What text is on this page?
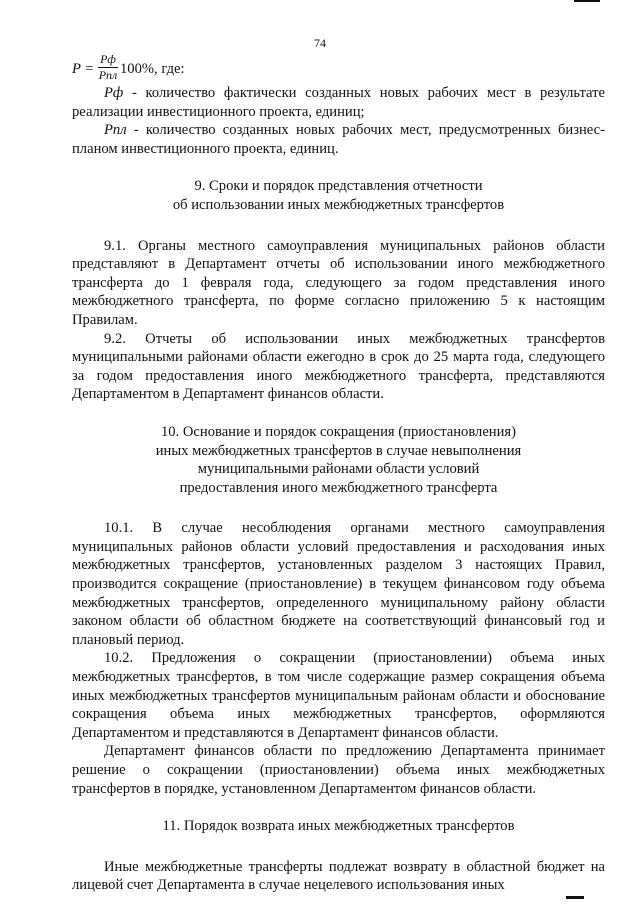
74
P =
Pф
Pпл 100%, где:

Pф - количество фактически созданных новых рабочих мест в результате реализации инвестиционного проекта, единиц;

Pпл - количество созданных новых рабочих мест, предусмотренных бизнес-планом инвестиционного проекта, единиц.

9. Сроки и порядок представления отчетности
об использовании иных межбюджетных трансфертов

9.1. Органы местного самоуправления муниципальных районов области представляют в Департамент отчеты об использовании иного межбюджетного трансферта до 1 февраля года, следующего за годом представления иного межбюджетного трансферта, по форме согласно приложению 5 к настоящим Правилам.

9.2. Отчеты об использовании иных межбюджетных трансфертов муниципальными районами области ежегодно в срок до 25 марта года, следующего за годом предоставления иного межбюджетного трансферта, представляются Департаментом в Департамент финансов области.

10. Основание и порядок сокращения (приостановления)
иных межбюджетных трансфертов в случае невыполнения
муниципальными районами области условий
предоставления иного межбюджетного трансферта

10.1. В случае несоблюдения органами местного самоуправления муниципальных районов области условий предоставления и расходования иных межбюджетных трансфертов, установленных разделом 3 настоящих Правил, производится сокращение (приостановление) в текущем финансовом году объема межбюджетных трансфертов, определенного муниципальному району области законом области об областном бюджете на соответствующий финансовый год и плановый период.

10.2. Предложения о сокращении (приостановлении) объема иных межбюджетных трансфертов, в том числе содержащие размер сокращения объема иных межбюджетных трансфертов муниципальным районам области и обоснование сокращения объема иных межбюджетных трансфертов, оформляются Департаментом и представляются в Департамент финансов области.

Департамент финансов области по предложению Департамента принимает решение о сокращении (приостановлении) объема иных межбюджетных трансфертов в порядке, установленном Департаментом финансов области.

11. Порядок возврата иных межбюджетных трансфертов

Иные межбюджетные трансферты подлежат возврату в областной бюджет на лицевой счет Департамента в случае нецелевого использования иных
